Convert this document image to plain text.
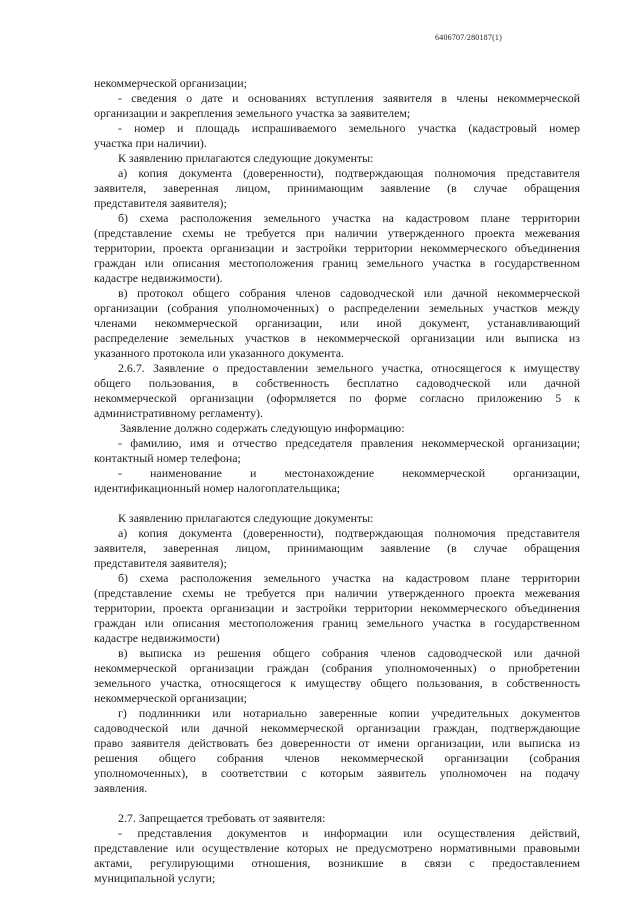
6406707/280187(1)
некоммерческой организации;
- сведения о дате и основаниях вступления заявителя в члены некоммерческой
организации и закрепления земельного участка за заявителем;
- номер и площадь испрашиваемого земельного участка (кадастровый номер
участка при наличии).
К заявлению прилагаются следующие документы:
а) копия документа (доверенности), подтверждающая полномочия представителя
заявителя, заверенная лицом, принимающим заявление (в случае обращения
представителя заявителя);
б) схема расположения земельного участка на кадастровом плане территории
(представление схемы не требуется при наличии утвержденного проекта межевания
территории, проекта организации и застройки территории некоммерческого объединения
граждан или описания местоположения границ земельного участка в государственном
кадастре недвижимости).
в) протокол общего собрания членов садоводческой или дачной некоммерческой
организации (собрания уполномоченных) о распределении земельных участков между
членами некоммерческой организации, или иной документ, устанавливающий
распределение земельных участков в некоммерческой организации или выписка из
указанного протокола или указанного документа.
2.6.7. Заявление о предоставлении земельного участка, относящегося к имуществу
общего пользования, в собственность бесплатно садоводческой или дачной
некоммерческой организации (оформляется по форме согласно приложению 5 к
административному регламенту).
Заявление должно содержать следующую информацию:
- фамилию, имя и отчество председателя правления некоммерческой организации;
контактный номер телефона;
- наименование и местонахождение некоммерческой организации,
идентификационный номер налогоплательщика;
К заявлению прилагаются следующие документы:
а) копия документа (доверенности), подтверждающая полномочия представителя
заявителя, заверенная лицом, принимающим заявление (в случае обращения
представителя заявителя);
б) схема расположения земельного участка на кадастровом плане территории
(представление схемы не требуется при наличии утвержденного проекта межевания
территории, проекта организации и застройки территории некоммерческого объединения
граждан или описания местоположения границ земельного участка в государственном
кадастре недвижимости)
в) выписка из решения общего собрания членов садоводческой или дачной
некоммерческой организации граждан (собрания уполномоченных) о приобретении
земельного участка, относящегося к имуществу общего пользования, в собственность
некоммерческой организации;
г) подлинники или нотариально заверенные копии учредительных документов
садоводческой или дачной некоммерческой организации граждан, подтверждающие
право заявителя действовать без доверенности от имени организации, или выписка из
решения общего собрания членов некоммерческой организации (собрания
уполномоченных), в соответствии с которым заявитель уполномочен на подачу
заявления.
2.7. Запрещается требовать от заявителя:
- представления документов и информации или осуществления действий,
представление или осуществление которых не предусмотрено нормативными правовыми
актами, регулирующими отношения, возникшие в связи с предоставлением
муниципальной услуги;
